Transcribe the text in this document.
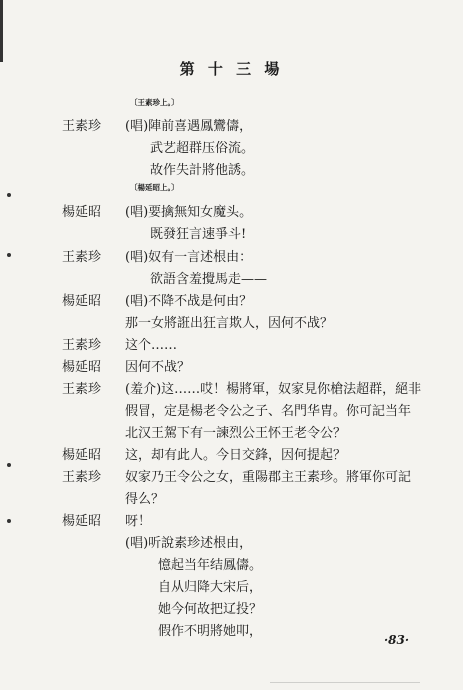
第 十 三 場
〔王素珍上。〕
王素珍 (唱)陣前喜遇鳳鸞儔，
武艺超群压俗流。
故作失計將他誘。
〔楊延昭上。〕
楊延昭 (唱)要擒無知女魔头。
既發狂言速爭斗!
王素珍 (唱)奴有一言述根由：
欲語含羞攪馬走——
楊延昭 (唱)不降不战是何由？
那一女將誑出狂言欺人，因何不战？
王素珍 这个……
楊延昭 因何不战？
王素珍 (羞介)这……哎！楊將軍，奴家見你槍法超群，絕非
假冒，定是楊老令公之子、名門华胄。你可記当年
北汉王駕下有一諫烈公王怀王老令公？
楊延昭 这，却有此人。今日交鋒，因何提起？
王素珍 奴家乃王令公之女，重陽郡主王素珍。將軍你可記
得么？
楊延昭 呀！
(唱)听說素珍述根由，
憶起当年结鳳儔。
自从归降大宋后，
她今何故把辽投？
假作不明將她叩，
·83·
